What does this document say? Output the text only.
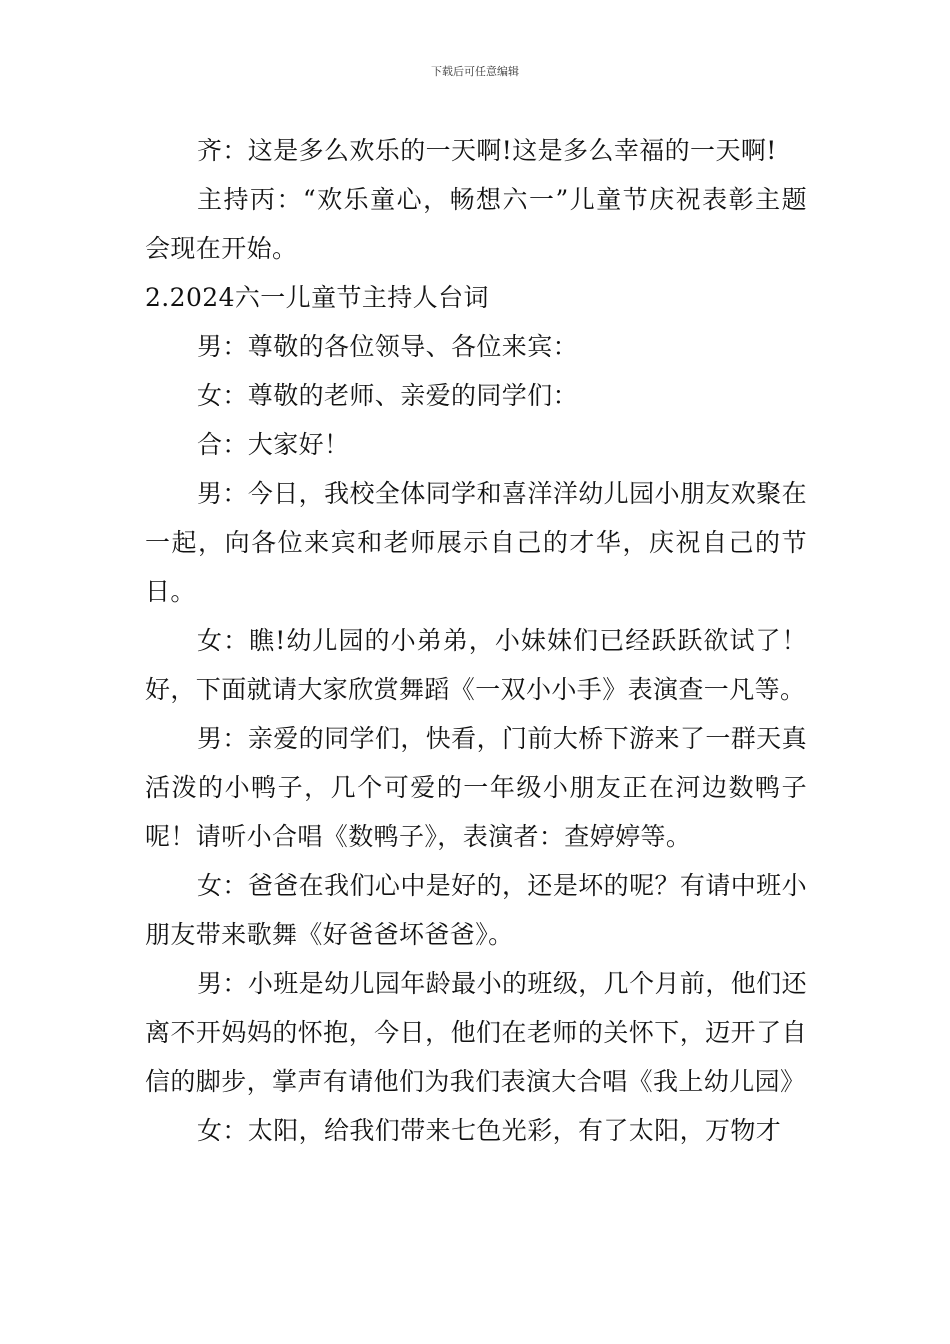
下载后可任意编辑

齐：这是多么欢乐的一天啊!这是多么幸福的一天啊!

主持丙：“欢乐童心，畅想六一”儿童节庆祝表彰主题会现在开始。

2.2024六一儿童节主持人台词

男：尊敬的各位领导、各位来宾：

女：尊敬的老师、亲爱的同学们：

合：大家好！

男：今日，我校全体同学和喜洋洋幼儿园小朋友欢聚在一起，向各位来宾和老师展示自己的才华，庆祝自己的节日。

女：瞧!幼儿园的小弟弟，小妹妹们已经跃跃欲试了！好，下面就请大家欣赏舞蹈《一双小小手》表演查一凡等。

男：亲爱的同学们，快看，门前大桥下游来了一群天真活泼的小鸭子，几个可爱的一年级小朋友正在河边数鸭子呢！请听小合唱《数鸭子》，表演者：查婷婷等。

女：爸爸在我们心中是好的，还是坏的呢？有请中班小朋友带来歌舞《好爸爸坏爸爸》。

男：小班是幼儿园年龄最小的班级，几个月前，他们还离不开妈妈的怀抱，今日，他们在老师的关怀下，迈开了自信的脚步，掌声有请他们为我们表演大合唱《我上幼儿园》

女：太阳，给我们带来七色光彩，有了太阳，万物才
